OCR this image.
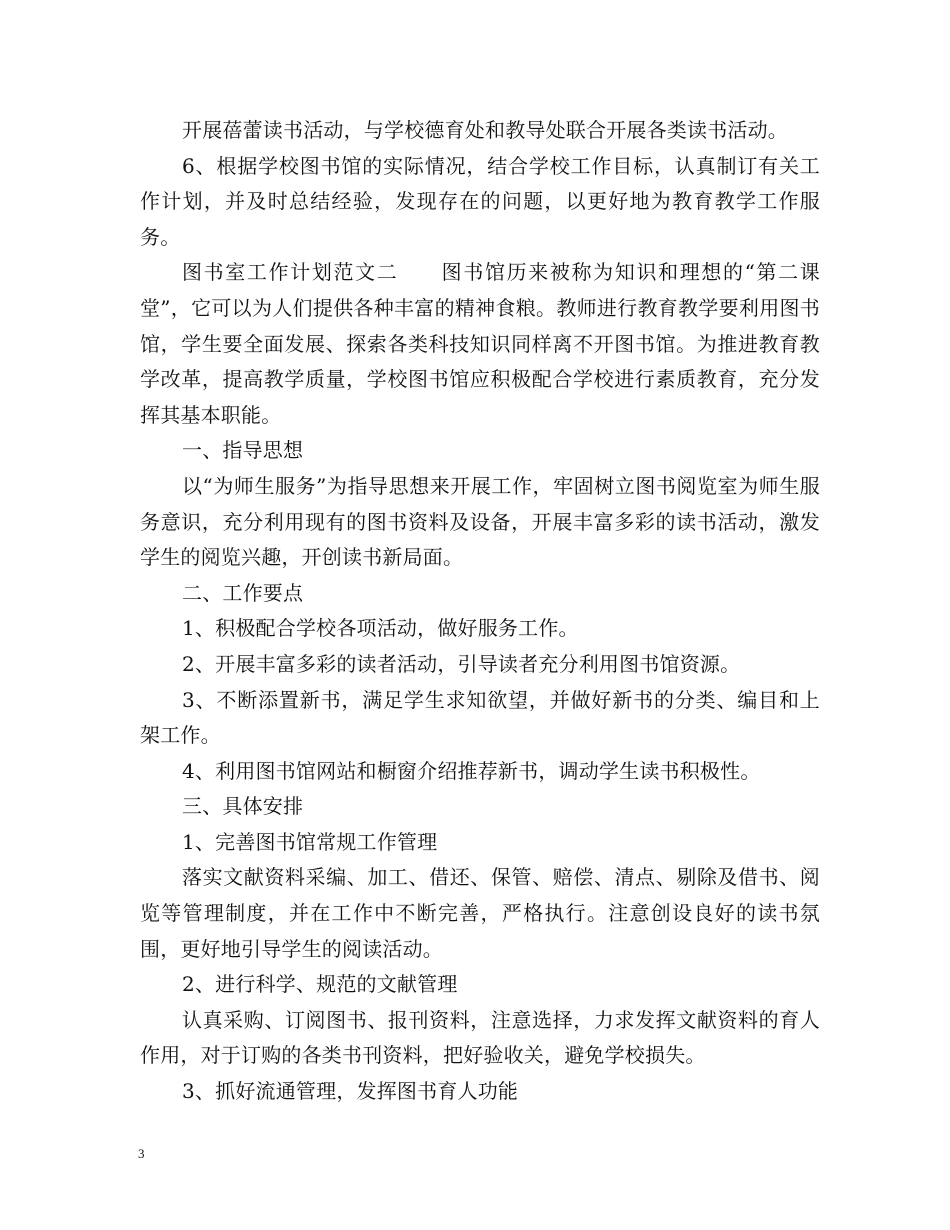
开展蓓蕾读书活动，与学校德育处和教导处联合开展各类读书活动。

6、根据学校图书馆的实际情况，结合学校工作目标，认真制订有关工作计划，并及时总结经验，发现存在的问题，以更好地为教育教学工作服务。

图书室工作计划范文二　　图书馆历来被称为知识和理想的“第二课堂”，它可以为人们提供各种丰富的精神食粮。教师进行教育教学要利用图书馆，学生要全面发展、探索各类科技知识同样离不开图书馆。为推进教育教学改革，提高教学质量，学校图书馆应积极配合学校进行素质教育，充分发挥其基本职能。

一、指导思想

以“为师生服务”为指导思想来开展工作，牢固树立图书阅览室为师生服务意识，充分利用现有的图书资料及设备，开展丰富多彩的读书活动，激发学生的阅览兴趣，开创读书新局面。

二、工作要点

1、积极配合学校各项活动，做好服务工作。

2、开展丰富多彩的读者活动，引导读者充分利用图书馆资源。

3、不断添置新书，满足学生求知欲望，并做好新书的分类、编目和上架工作。

4、利用图书馆网站和橱窗介绍推荐新书，调动学生读书积极性。

三、具体安排

1、完善图书馆常规工作管理

落实文献资料采编、加工、借还、保管、赔偿、清点、剔除及借书、阅览等管理制度，并在工作中不断完善，严格执行。注意创设良好的读书氛围，更好地引导学生的阅读活动。

2、进行科学、规范的文献管理

认真采购、订阅图书、报刊资料，注意选择，力求发挥文献资料的育人作用，对于订购的各类书刊资料，把好验收关，避免学校损失。

3、抓好流通管理，发挥图书育人功能

3
